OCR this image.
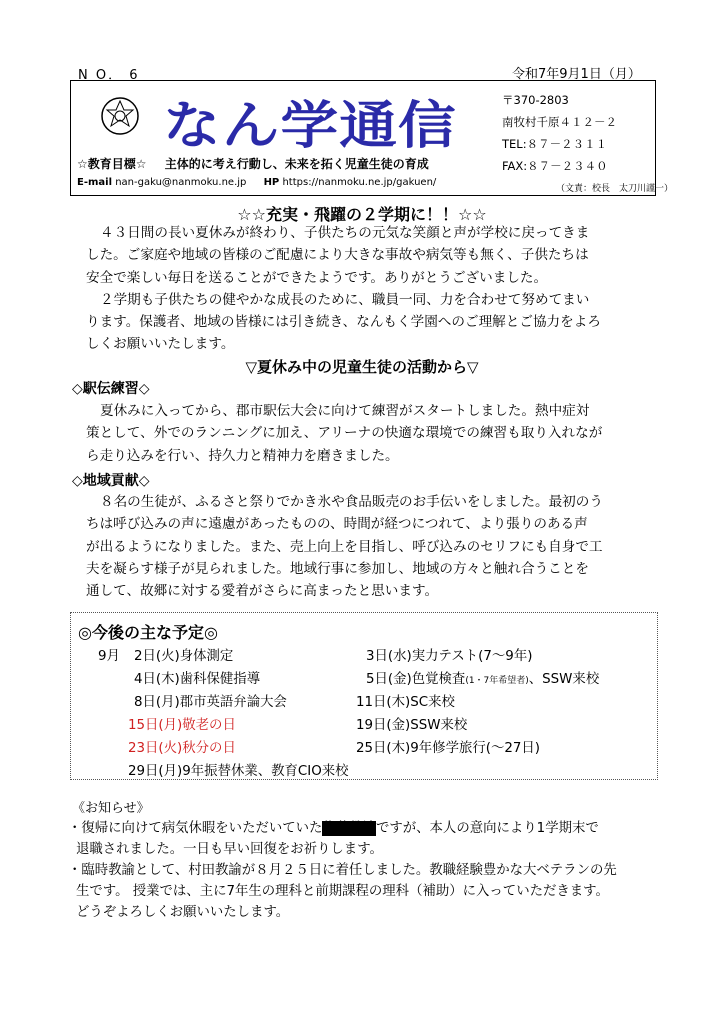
N O． 6	令和7年9月1日（月）
なん学通信	〒370-2803
南牧村千原４１２－２
TEL:８７－２３１１
FAX:８７－２３４０
☆教育目標☆ 主体的に考え行動し、未来を拓く児童生徒の育成
E-mail nan-gaku@nanmoku.ne.jp HP https://nanmoku.ne.jp/gakuen/
（文責：校長　太刀川謹一）
☆☆充実・飛躍の２学期に！！☆☆

４３日間の長い夏休みが終わり、子供たちの元気な笑顔と声が学校に戻ってきま
した。ご家庭や地域の皆様のご配慮により大きな事故や病気等も無く、子供たちは
安全で楽しい毎日を送ることができたようです。ありがとうございました。
２学期も子供たちの健やかな成長のために、職員一同、力を合わせて努めてまい
ります。保護者、地域の皆様には引き続き、なんもく学園へのご理解とご協力をよろ
しくお願いいたします。

▽夏休み中の児童生徒の活動から▽
◇駅伝練習◇

夏休みに入ってから、郡市駅伝大会に向けて練習がスタートしました。熱中症対
策として、外でのランニングに加え、アリーナの快適な環境での練習も取り入れなが
ら走り込みを行い、持久力と精神力を磨きました。

◇地域貢献◇

８名の生徒が、ふるさと祭りでかき氷や食品販売のお手伝いをしました。最初のう
ちは呼び込みの声に遠慮があったものの、時間が経つにつれて、より張りのある声
が出るようになりました。また、売上向上を目指し、呼び込みのセリフにも自身で工
夫を凝らす様子が見られました。地域行事に参加し、地域の方々と触れ合うことを
通して、故郷に対する愛着がさらに高まったと思います。

◎今後の主な予定◎
9月 2日(火)身体測定	3日(水)実力テスト(7～9年)
4日(木)歯科保健指導	5日(金)色覚検査(1・7年希望者)、SSW来校
8日(月)郡市英語弁論大会	11日(木)SC来校
15日(月)敬老の日	19日(金)SSW来校
23日(火)秋分の日	25日(木)9年修学旅行(～27日)
29日(月)9年振替休業、教育CIO来校
《お知らせ》

・復帰に向けて病気休暇をいただいていた佐藤教諭ですが、本人の意向により1学期末で
退職されました。一日も早い回復をお祈りします。

・臨時教諭として、村田教諭が８月２５日に着任しました。教職経験豊かな大ベテランの先
生です。 授業では、主に7年生の理科と前期課程の理科（補助）に入っていただきます。
どうぞよろしくお願いいたします。
